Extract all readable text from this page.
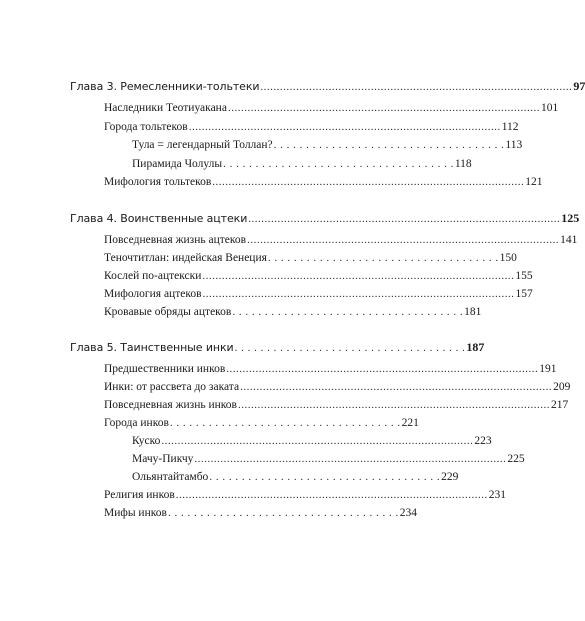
Глава 3. Ремесленники-тольтеки ................................................................................................ 97
Наследники Теотиуакана ................................................................................................ 101
Города тольтеков ................................................................................................ 112
Тула = легендарный Толлан? . . . . . . . . . . . . . . . . . . . . . . . . . . . . . . . . . . . . 113
Пирамида Чолулы . . . . . . . . . . . . . . . . . . . . . . . . . . . . . . . . . . . . 118
Мифология тольтеков ................................................................................................ 121
Глава 4. Воинственные ацтеки ................................................................................................ 125
Повседневная жизнь ацтеков ................................................................................................ 141
Теночтитлан: индейская Венеция . . . . . . . . . . . . . . . . . . . . . . . . . . . . . . . . . . . . 150
Кослей по-ацтекски ................................................................................................ 155
Мифология ацтеков ................................................................................................ 157
Кровавые обряды ацтеков . . . . . . . . . . . . . . . . . . . . . . . . . . . . . . . . . . . . 181
Глава 5. Таинственные инки . . . . . . . . . . . . . . . . . . . . . . . . . . . . . . . . . . . . 187
Предшественники инков ................................................................................................ 191
Инки: от рассвета до заката ................................................................................................ 209
Повседневная жизнь инков ................................................................................................ 217
Города инков . . . . . . . . . . . . . . . . . . . . . . . . . . . . . . . . . . . . 221
Куско ................................................................................................ 223
Мачу-Пикчу ................................................................................................ 225
Ольянтайтамбо . . . . . . . . . . . . . . . . . . . . . . . . . . . . . . . . . . . . 229
Религия инков ................................................................................................ 231
Мифы инков . . . . . . . . . . . . . . . . . . . . . . . . . . . . . . . . . . . . 234
